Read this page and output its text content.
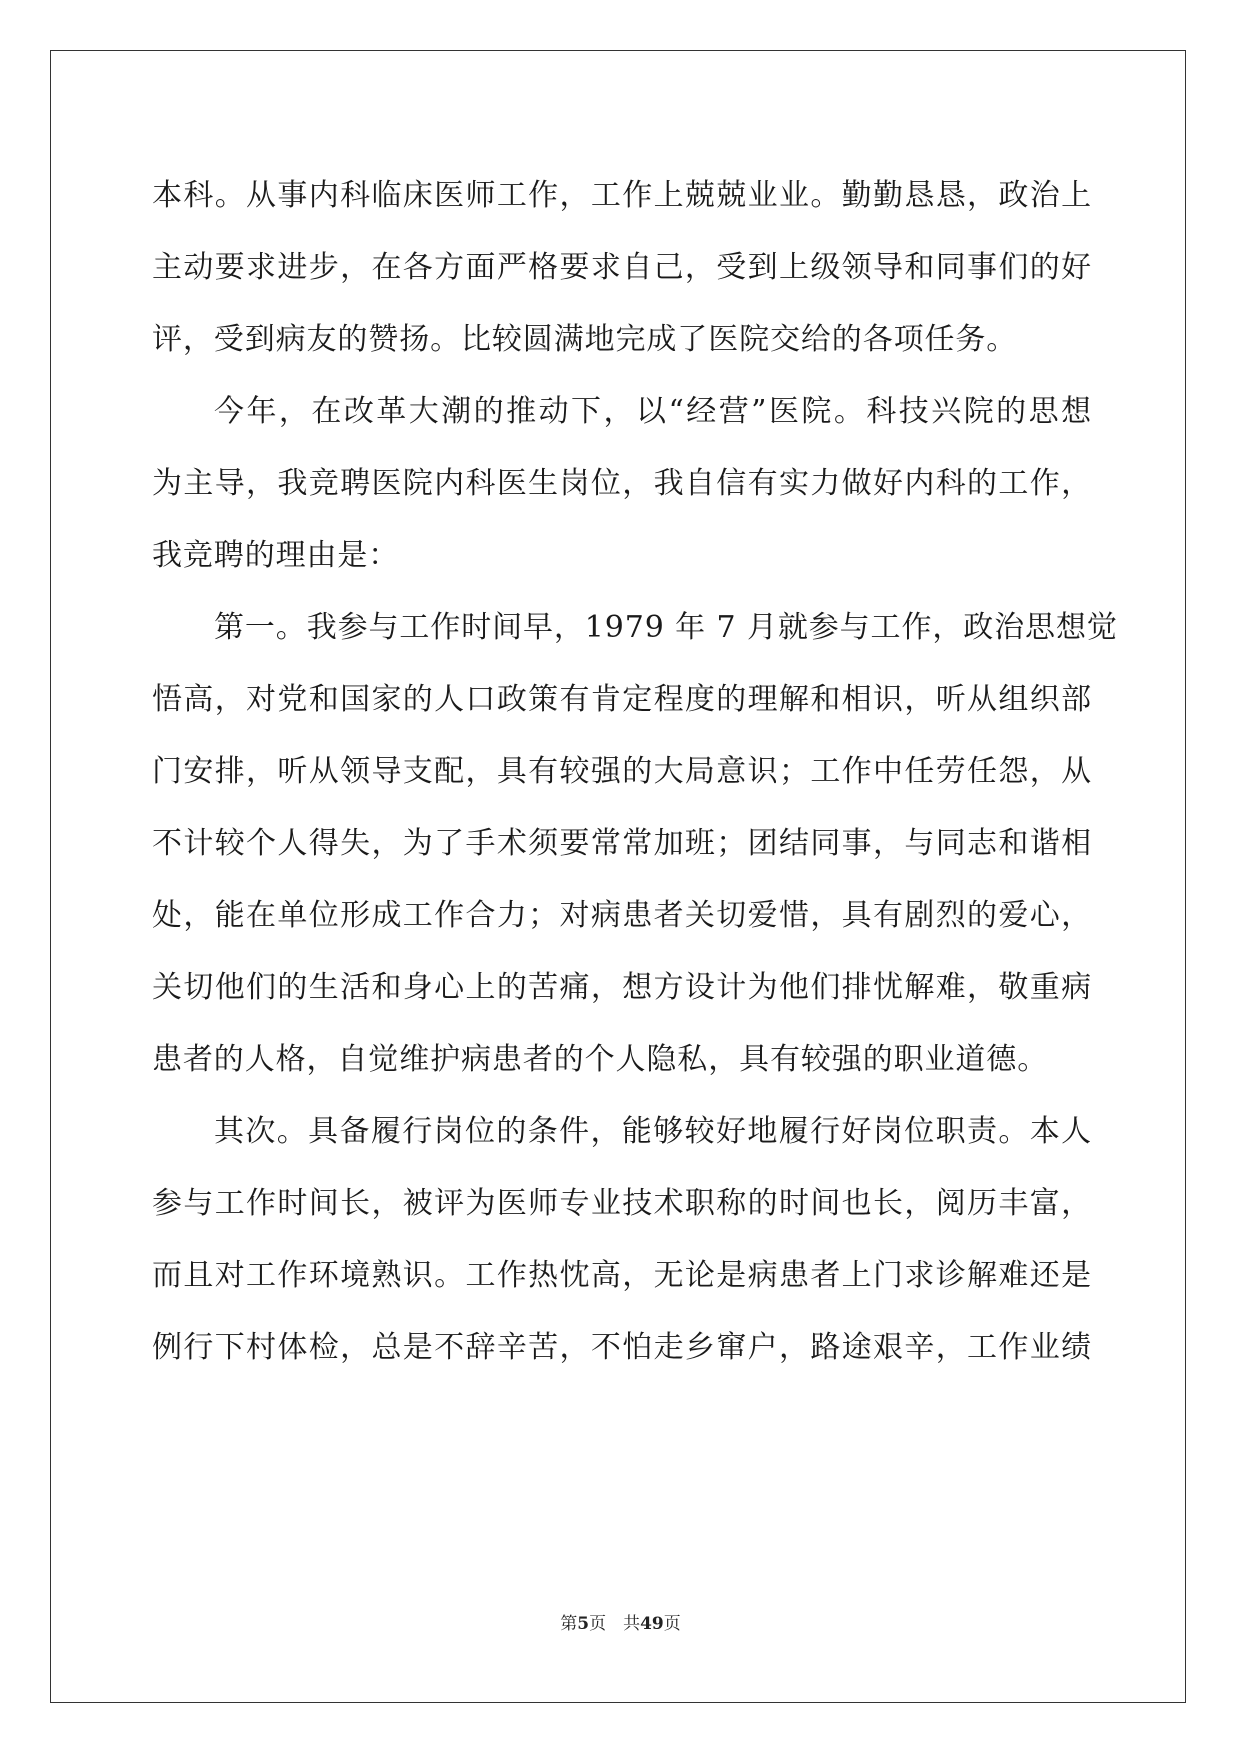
本科。从事内科临床医师工作，工作上兢兢业业。勤勤恳恳，政治上
主动要求进步，在各方面严格要求自己，受到上级领导和同事们的好
评，受到病友的赞扬。比较圆满地完成了医院交给的各项任务。
今年，在改革大潮的推动下，以“经营”医院。科技兴院的思想
为主导，我竞聘医院内科医生岗位，我自信有实力做好内科的工作，
我竞聘的理由是：
第一。我参与工作时间早，1979 年 7 月就参与工作，政治思想觉
悟高，对党和国家的人口政策有肯定程度的理解和相识，听从组织部
门安排，听从领导支配，具有较强的大局意识；工作中任劳任怨，从
不计较个人得失，为了手术须要常常加班；团结同事，与同志和谐相
处，能在单位形成工作合力；对病患者关切爱惜，具有剧烈的爱心，
关切他们的生活和身心上的苦痛，想方设计为他们排忧解难，敬重病
患者的人格，自觉维护病患者的个人隐私，具有较强的职业道德。
其次。具备履行岗位的条件，能够较好地履行好岗位职责。本人
参与工作时间长，被评为医师专业技术职称的时间也长，阅历丰富，
而且对工作环境熟识。工作热忱高，无论是病患者上门求诊解难还是
例行下村体检，总是不辞辛苦，不怕走乡窜户，路途艰辛，工作业绩
第5页　共49页
